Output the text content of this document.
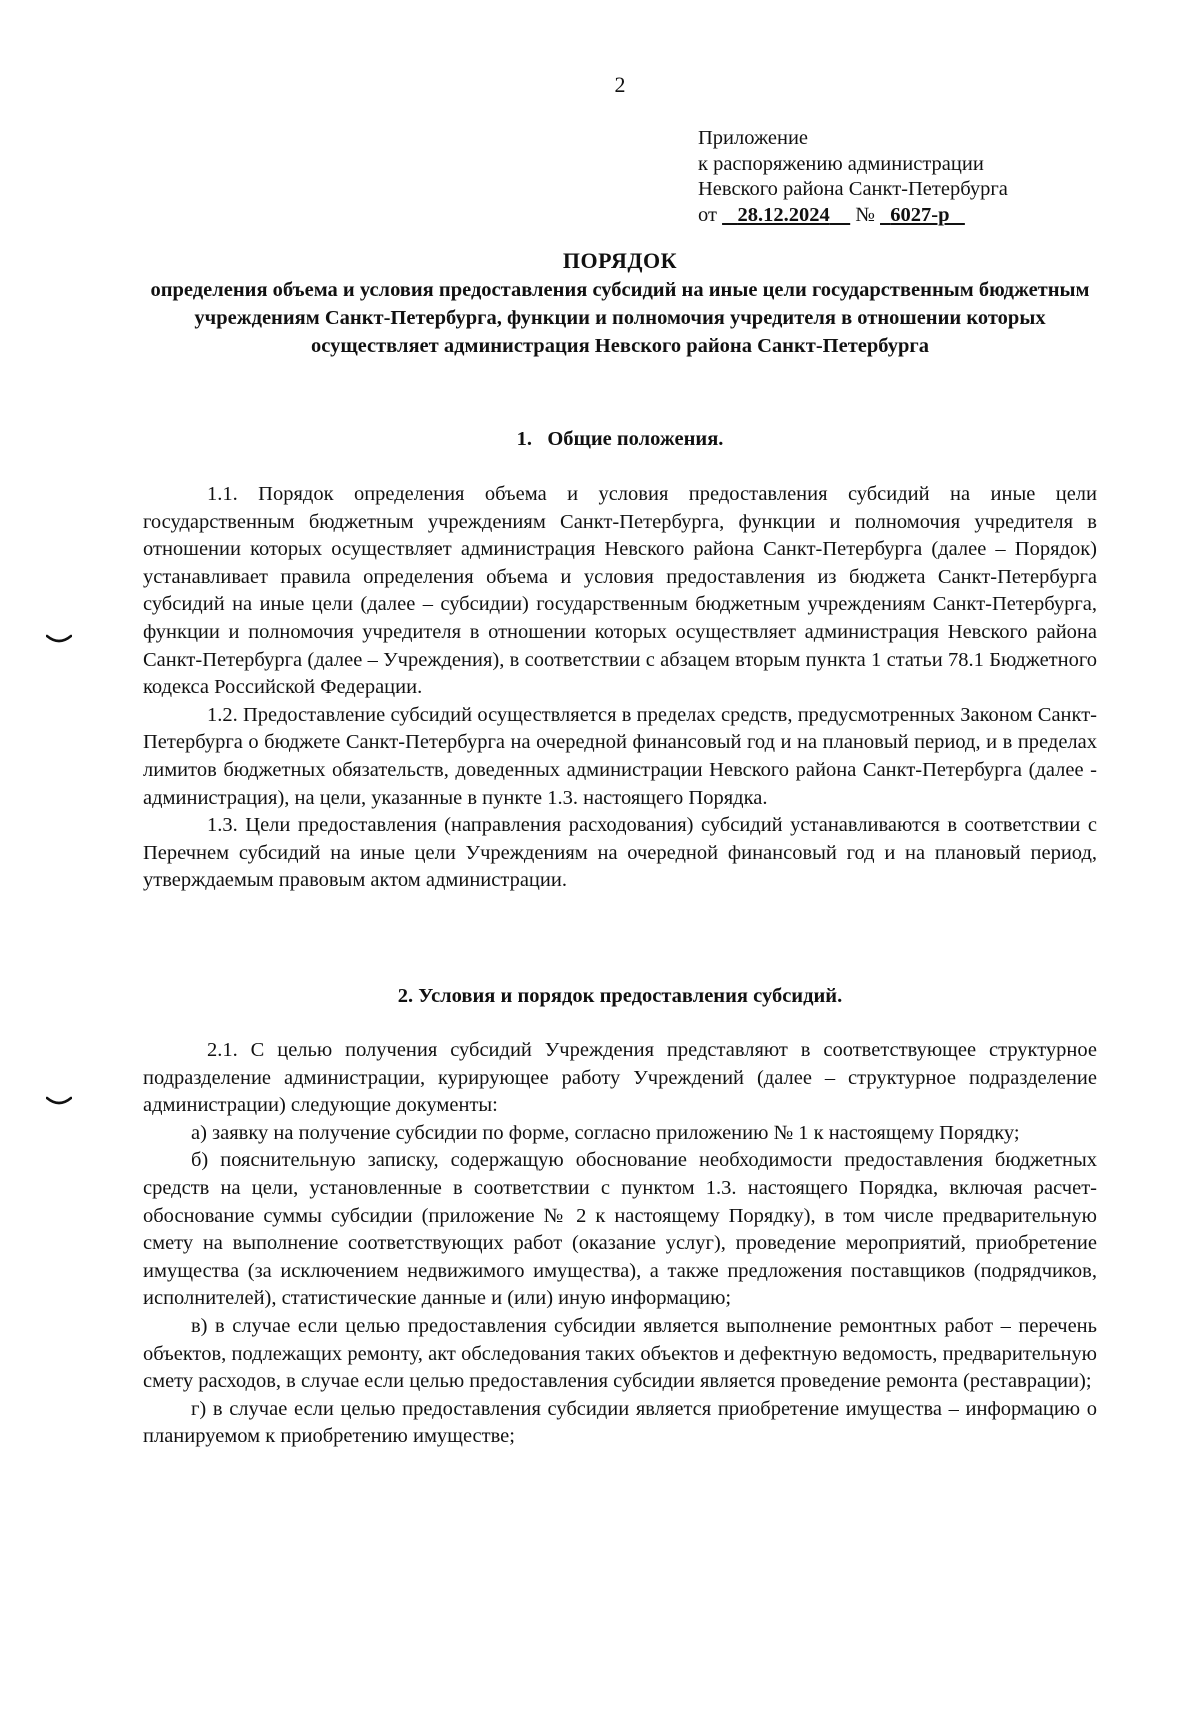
2
Приложение
к распоряжению администрации
Невского района Санкт-Петербурга
от 28.12.2024 № 6027-р
ПОРЯДОК
определения объема и условия предоставления субсидий на иные цели государственным бюджетным учреждениям Санкт-Петербурга, функции и полномочия учредителя в отношении которых осуществляет администрация Невского района Санкт-Петербурга
1.   Общие положения.

1.1. Порядок определения объема и условия предоставления субсидий на иные цели государственным бюджетным учреждениям Санкт-Петербурга, функции и полномочия учредителя в отношении которых осуществляет администрация Невского района Санкт-Петербурга (далее – Порядок) устанавливает правила определения объема и условия предоставления из бюджета Санкт-Петербурга субсидий на иные цели (далее – субсидии) государственным бюджетным учреждениям Санкт-Петербурга, функции и полномочия учредителя в отношении которых осуществляет администрация Невского района Санкт-Петербурга (далее – Учреждения), в соответствии с абзацем вторым пункта 1 статьи 78.1 Бюджетного кодекса Российской Федерации.

1.2. Предоставление субсидий осуществляется в пределах средств, предусмотренных Законом Санкт-Петербурга о бюджете Санкт-Петербурга на очередной финансовый год и на плановый период, и в пределах лимитов бюджетных обязательств, доведенных администрации Невского района Санкт-Петербурга (далее - администрация), на цели, указанные в пункте 1.3. настоящего Порядка.

1.3. Цели предоставления (направления расходования) субсидий устанавливаются в соответствии с Перечнем субсидий на иные цели Учреждениям на очередной финансовый год и на плановый период, утверждаемым правовым актом администрации.

2. Условия и порядок предоставления субсидий.

2.1. С целью получения субсидий Учреждения представляют в соответствующее структурное подразделение администрации, курирующее работу Учреждений (далее – структурное подразделение администрации) следующие документы:

а) заявку на получение субсидии по форме, согласно приложению № 1 к настоящему Порядку;

б) пояснительную записку, содержащую обоснование необходимости предоставления бюджетных средств на цели, установленные в соответствии с пунктом 1.3. настоящего Порядка, включая расчет-обоснование суммы субсидии (приложение № 2 к настоящему Порядку), в том числе предварительную смету на выполнение соответствующих работ (оказание услуг), проведение мероприятий, приобретение имущества (за исключением недвижимого имущества), а также предложения поставщиков (подрядчиков, исполнителей), статистические данные и (или) иную информацию;

в) в случае если целью предоставления субсидии является выполнение ремонтных работ – перечень объектов, подлежащих ремонту, акт обследования таких объектов и дефектную ведомость, предварительную смету расходов, в случае если целью предоставления субсидии является проведение ремонта (реставрации);

г) в случае если целью предоставления субсидии является приобретение имущества – информацию о планируемом к приобретению имуществе;
